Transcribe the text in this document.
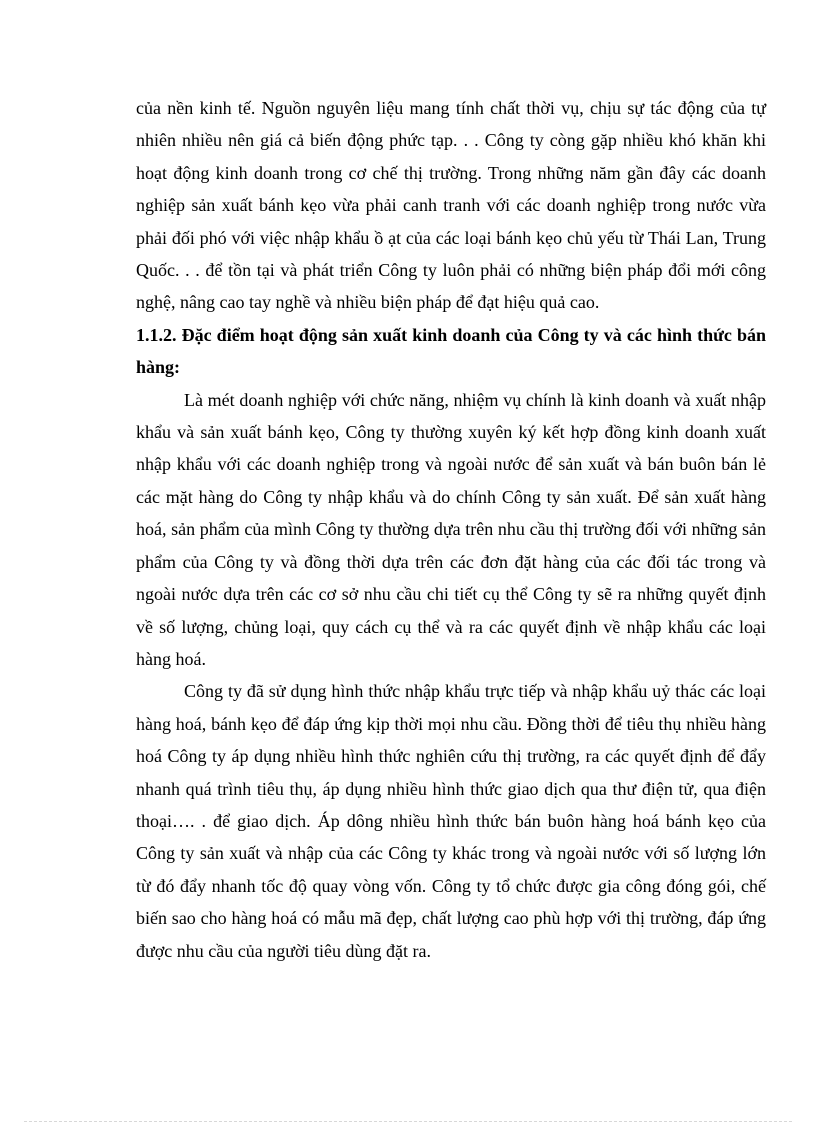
của nền kinh tế. Nguồn nguyên liệu mang tính chất thời vụ, chịu sự tác động của tự nhiên nhiều nên giá cả biến động phức tạp. . . Công ty còng gặp nhiều khó khăn khi hoạt động kinh doanh trong cơ chế thị trường. Trong những năm gần đây các doanh nghiệp sản xuất bánh kẹo vừa phải canh tranh với các doanh nghiệp trong nước vừa phải đối phó với việc nhập khẩu ồ ạt của các loại bánh kẹo chủ yếu từ Thái Lan, Trung Quốc. . . để tồn tại và phát triển Công ty luôn phải có những biện pháp đổi mới công nghệ, nâng cao tay nghề và nhiều biện pháp để đạt hiệu quả cao.

1.1.2. Đặc điểm hoạt động sản xuất kinh doanh của Công ty và các hình thức bán hàng:

Là mét doanh nghiệp với chức năng, nhiệm vụ chính là kinh doanh và xuất nhập khẩu và sản xuất bánh kẹo, Công ty thường xuyên ký kết hợp đồng kinh doanh xuất nhập khẩu với các doanh nghiệp trong và ngoài nước để sản xuất và bán buôn bán lẻ các mặt hàng do Công ty nhập khẩu và do chính Công ty sản xuất. Để sản xuất hàng hoá, sản phẩm của mình Công ty thường dựa trên nhu cầu thị trường đối với những sản phẩm của Công ty và đồng thời dựa trên các đơn đặt hàng của các đối tác trong và ngoài nước dựa trên các cơ sở nhu cầu chi tiết cụ thể Công ty sẽ ra những quyết định về số lượng, chủng loại, quy cách cụ thể và ra các quyết định về nhập khẩu các loại hàng hoá.

Công ty đã sử dụng hình thức nhập khẩu trực tiếp và nhập khẩu uỷ thác các loại hàng hoá, bánh kẹo để đáp ứng kịp thời mọi nhu cầu. Đồng thời để tiêu thụ nhiều hàng hoá Công ty áp dụng nhiều hình thức nghiên cứu thị trường, ra các quyết định để đẩy nhanh quá trình tiêu thụ, áp dụng nhiều hình thức giao dịch qua thư điện tử, qua điện thoại…. . để giao dịch. Áp dông nhiều hình thức bán buôn hàng hoá bánh kẹo của Công ty sản xuất và nhập của các Công ty khác trong và ngoài nước với số lượng lớn từ đó đẩy nhanh tốc độ quay vòng vốn. Công ty tổ chức được gia công đóng gói, chế biến sao cho hàng hoá có mẫu mã đẹp, chất lượng cao phù hợp với thị trường, đáp ứng được nhu cầu của người tiêu dùng đặt ra.
